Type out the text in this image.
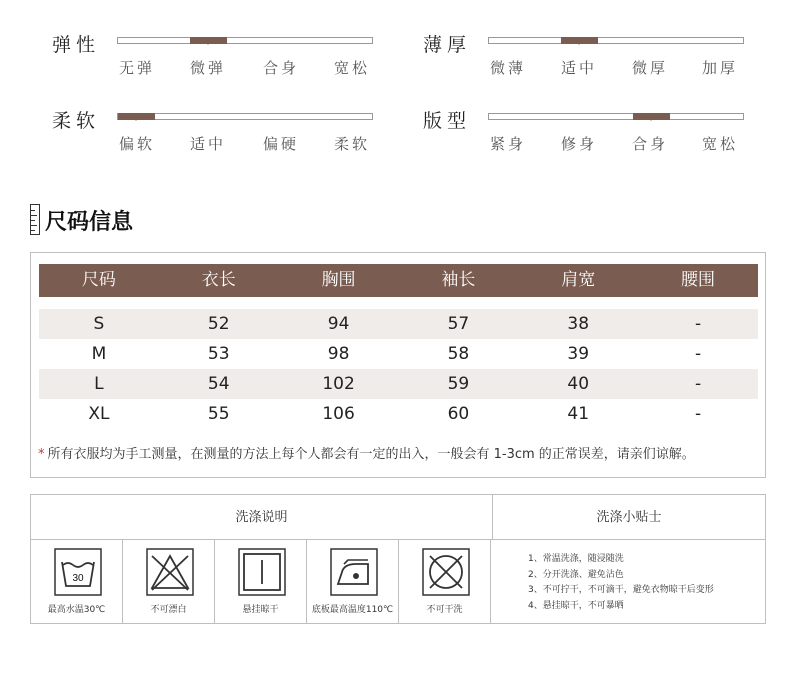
弹性
无弹 微弹 合身 宽松
薄厚
微薄 适中 微厚 加厚
柔软
偏软 适中 偏硬 柔软
版型
紧身 修身 合身 宽松
尺码信息
尺码	衣长	胸围	袖长	肩宽	腰围
S	52	94	57	38	-
M	53	98	58	39	-
L	54	102	59	40	-
XL	55	106	60	41	-
* 所有衣服均为手工测量，在测量的方法上每个人都会有一定的出入，一般会有 1-3cm 的正常误差，请亲们谅解。
洗涤说明	洗涤小贴士
30
最高水温30℃	不可漂白	悬挂晾干	底板最高温度110℃	不可干洗
1、常温洗涤，随浸随洗
2、分开洗涤、避免沾色
3、不可拧干，不可滴干，避免衣物晾干后变形
4、悬挂晾干，不可暴晒
